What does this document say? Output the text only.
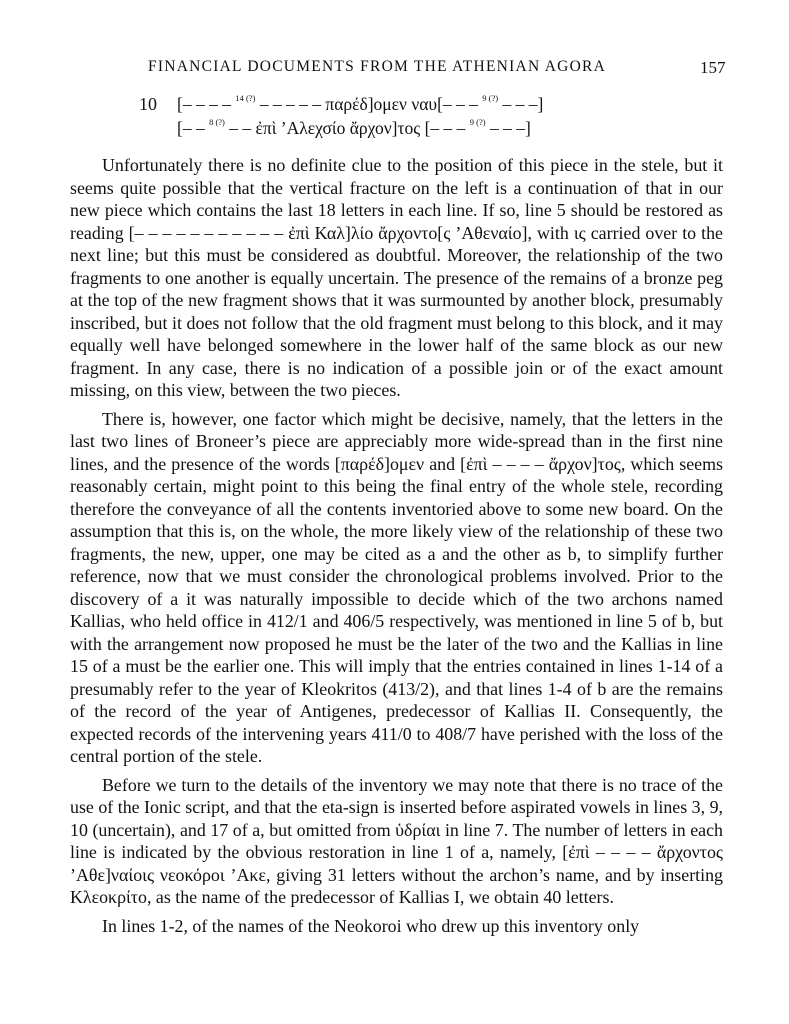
FINANCIAL DOCUMENTS FROM THE ATHENIAN AGORA	157
10 [– – – – $^{14 (?)}$ – – – – – παρέδ]ομεν ναυ[– – – $^{9 (?)}$ – – –]
[– – $^{8 (?)}$ – – ἐπὶ ’Αλεχσίο ἄρχον]τος [– – – $^{9 (?)}$ – – –]

Unfortunately there is no definite clue to the position of this piece in the stele, but it seems quite possible that the vertical fracture on the left is a continuation of that in our new piece which contains the last 18 letters in each line. If so, line 5 should be restored as reading [– – – – – – – – – – – ἐπὶ Καλ]λίο ἄρχοντο[ς ’Αθεναίο], with ις carried over to the next line; but this must be considered as doubtful. Moreover, the relationship of the two fragments to one another is equally uncertain. The presence of the remains of a bronze peg at the top of the new fragment shows that it was surmounted by another block, presumably inscribed, but it does not follow that the old fragment must belong to this block, and it may equally well have belonged somewhere in the lower half of the same block as our new fragment. In any case, there is no indication of a possible join or of the exact amount missing, on this view, between the two pieces.

There is, however, one factor which might be decisive, namely, that the letters in the last two lines of Broneer’s piece are appreciably more wide-spread than in the first nine lines, and the presence of the words [παρέδ]ομεν and [ἐπὶ – – – – ἄρχον]τος, which seems reasonably certain, might point to this being the final entry of the whole stele, recording therefore the conveyance of all the contents inventoried above to some new board. On the assumption that this is, on the whole, the more likely view of the relationship of these two fragments, the new, upper, one may be cited as a and the other as b, to simplify further reference, now that we must consider the chronological problems involved. Prior to the discovery of a it was naturally impossible to decide which of the two archons named Kallias, who held office in 412/1 and 406/5 respectively, was mentioned in line 5 of b, but with the arrangement now proposed he must be the later of the two and the Kallias in line 15 of a must be the earlier one. This will imply that the entries contained in lines 1-14 of a presumably refer to the year of Kleokritos (413/2), and that lines 1-4 of b are the remains of the record of the year of Antigenes, predecessor of Kallias II. Consequently, the expected records of the intervening years 411/0 to 408/7 have perished with the loss of the central portion of the stele.

Before we turn to the details of the inventory we may note that there is no trace of the use of the Ionic script, and that the eta-sign is inserted before aspirated vowels in lines 3, 9, 10 (uncertain), and 17 of a, but omitted from ὑδρίαι in line 7. The number of letters in each line is indicated by the obvious restoration in line 1 of a, namely, [ἐπὶ – – – – ἄρχοντος ’Αθε]ναίοις νεοκόροι ’Ακε, giving 31 letters without the archon’s name, and by inserting Κλεοκρίτο, as the name of the predecessor of Kallias I, we obtain 40 letters.

In lines 1-2, of the names of the Neokoroi who drew up this inventory only
